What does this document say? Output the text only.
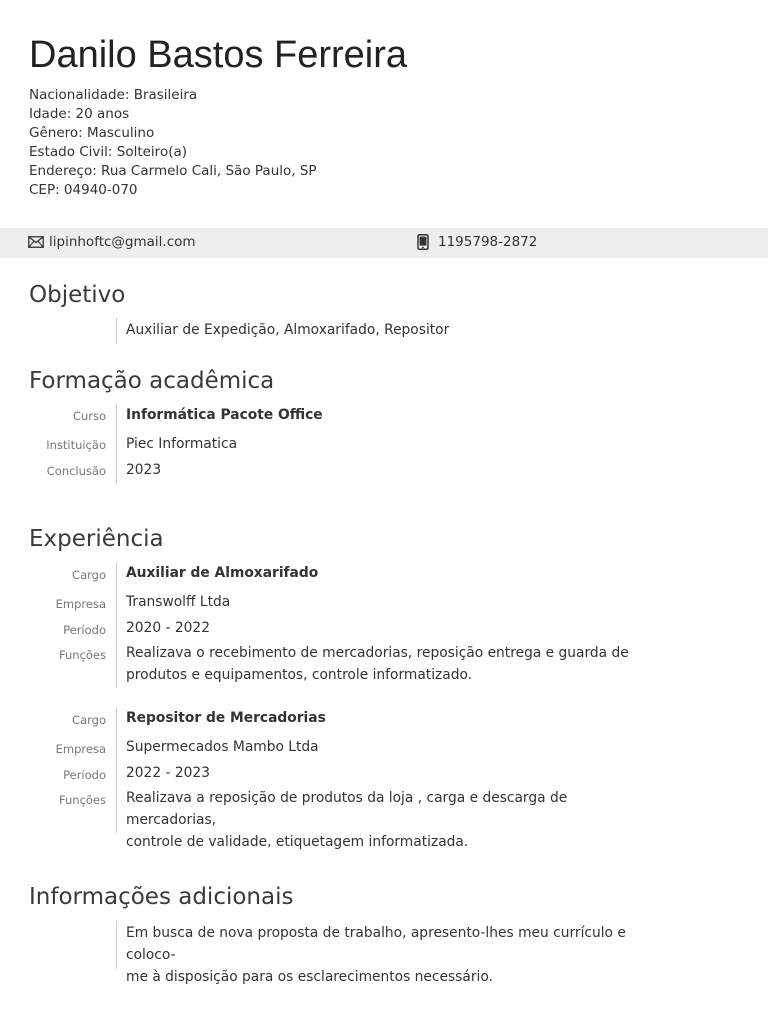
Danilo Bastos Ferreira
Nacionalidade: Brasileira
Idade: 20 anos
Gênero: Masculino
Estado Civil: Solteiro(a)
Endereço: Rua Carmelo Cali, São Paulo, SP
CEP: 04940-070
lipinhoftc@gmail.com	1195798-2872
Objetivo
Auxiliar de Expedição, Almoxarifado, Repositor
Formação acadêmica
Curso Informática Pacote Office
Instituição Piec Informatica
Conclusão 2023
Experiência
Cargo Auxiliar de Almoxarifado
Empresa Transwolff Ltda
Período 2020 - 2022
Funções Realizava o recebimento de mercadorias, reposição entrega e guarda de
produtos e equipamentos, controle informatizado.
Cargo Repositor de Mercadorias
Empresa Supermecados Mambo Ltda
Período 2022 - 2023
Funções Realizava a reposição de produtos da loja , carga e descarga de mercadorias,
controle de validade, etiquetagem informatizada.
Informações adicionais
Em busca de nova proposta de trabalho, apresento-lhes meu currículo e coloco-
me à disposição para os esclarecimentos necessário.
